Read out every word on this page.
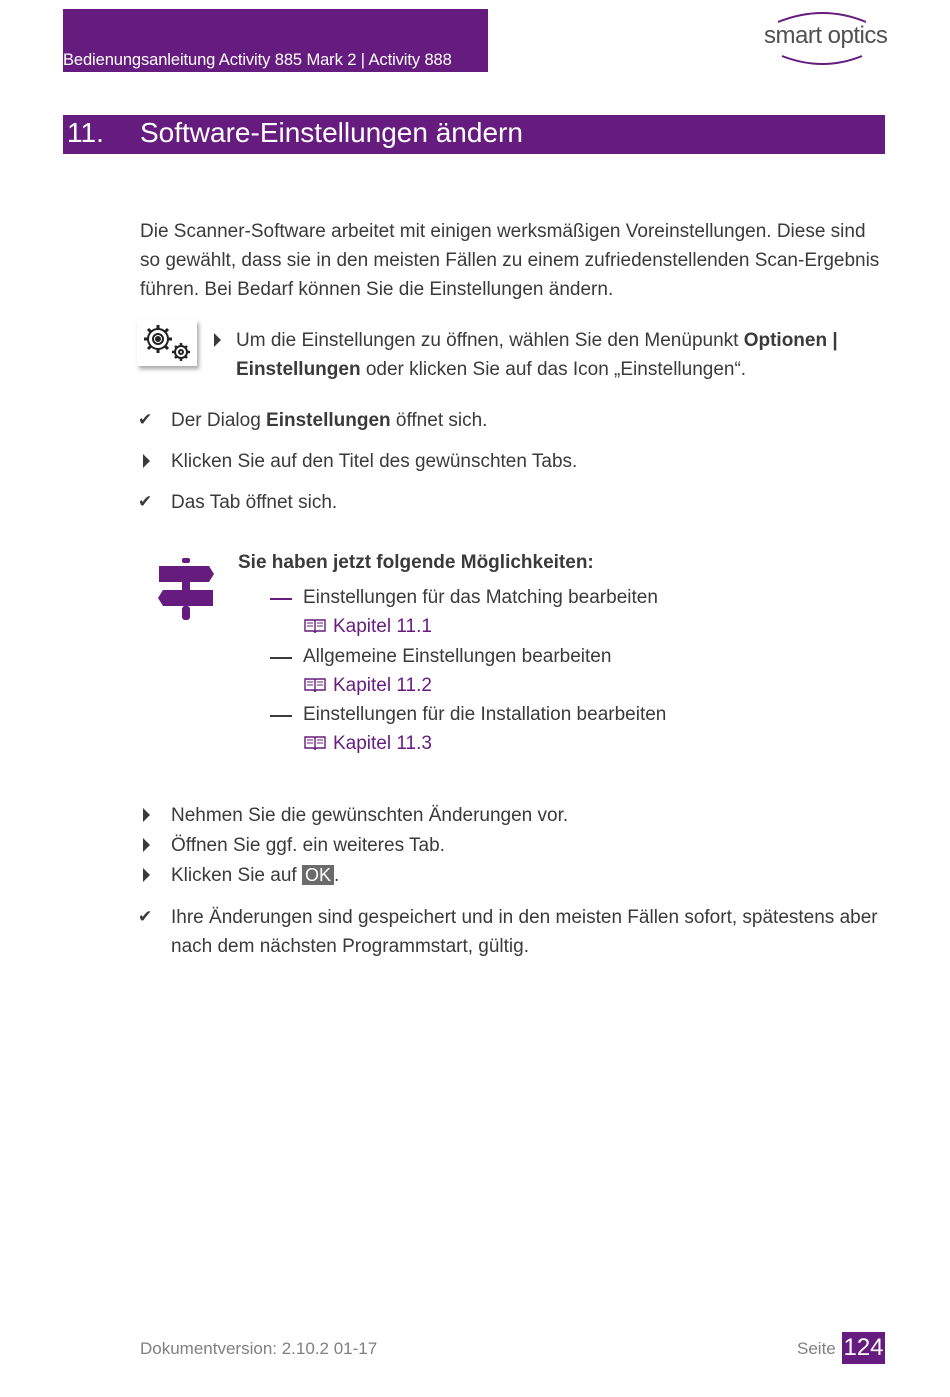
Bedienungsanleitung Activity 885 Mark 2 | Activity 888
smart optics
11. Software-Einstellungen ändern
Die Scanner-Software arbeitet mit einigen werksmäßigen Voreinstellungen. Diese sind so gewählt, dass sie in den meisten Fällen zu einem zufriedenstellenden Scan-Ergebnis führen. Bei Bedarf können Sie die Einstellungen ändern.
Um die Einstellungen zu öffnen, wählen Sie den Menüpunkt Optionen |
Einstellungen oder klicken Sie auf das Icon „Einstellungen“.
✔ Der Dialog Einstellungen öffnet sich.
Klicken Sie auf den Titel des gewünschten Tabs.
✔ Das Tab öffnet sich.
Sie haben jetzt folgende Möglichkeiten:
Einstellungen für das Matching bearbeiten
Kapitel 11.1
Allgemeine Einstellungen bearbeiten
Kapitel 11.2
Einstellungen für die Installation bearbeiten
Kapitel 11.3
Nehmen Sie die gewünschten Änderungen vor.
Öffnen Sie ggf. ein weiteres Tab.
Klicken Sie auf OK .
✔ Ihre Änderungen sind gespeichert und in den meisten Fällen sofort, spätestens aber
nach dem nächsten Programmstart, gültig.
Dokumentversion: 2.10.2 01-17	Seite 124
